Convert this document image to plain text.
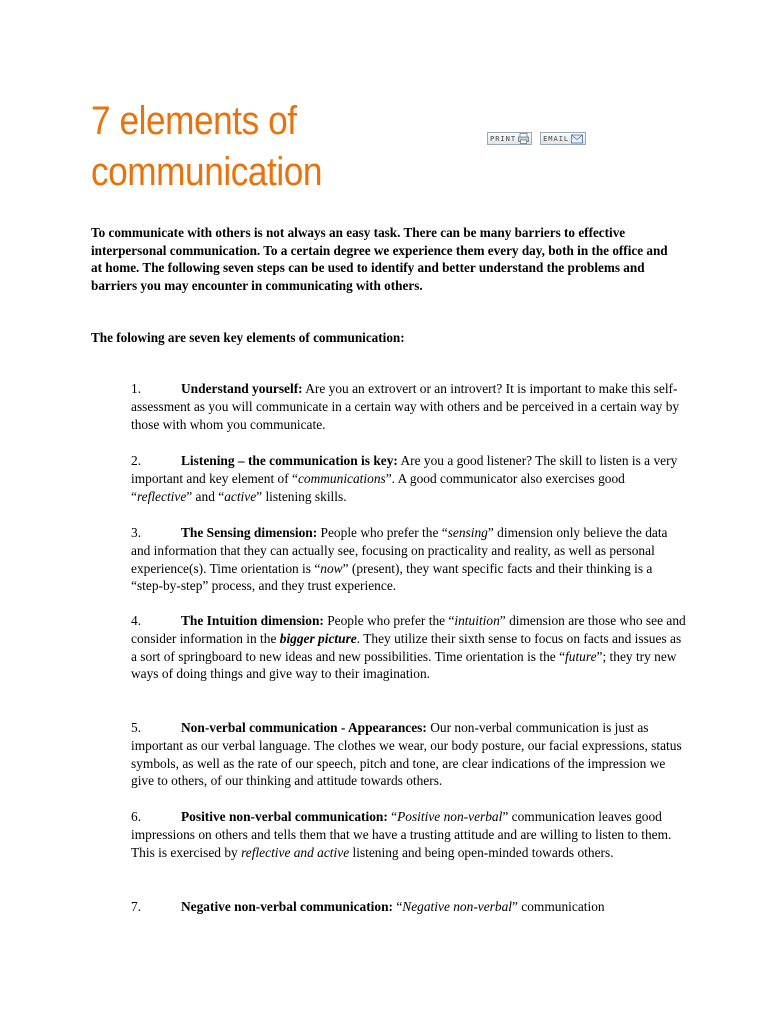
7 elements of
communication
PRINT	EMAIL

To communicate with others is not always an easy task. There can be many barriers to effective interpersonal communication. To a certain degree we experience them every day, both in the office and at home. The following seven steps can be used to identify and better understand the problems and barriers you may encounter in communicating with others.

The folowing are seven key elements of communication:

1.	Understand yourself: Are you an extrovert or an introvert? It is important to make this self-assessment as you will communicate in a certain way with others and be perceived in a certain way by those with whom you communicate.

2.	Listening – the communication is key: Are you a good listener? The skill to listen is a very important and key element of “communications”. A good communicator also exercises good “reflective” and “active” listening skills.

3.	The Sensing dimension: People who prefer the “sensing” dimension only believe the data and information that they can actually see, focusing on practicality and reality, as well as personal experience(s). Time orientation is “now” (present), they want specific facts and their thinking is a “step-by-step” process, and they trust experience.

4.	The Intuition dimension: People who prefer the “intuition” dimension are those who see and consider information in the bigger picture. They utilize their sixth sense to focus on facts and issues as a sort of springboard to new ideas and new possibilities. Time orientation is the “future”; they try new ways of doing things and give way to their imagination.

5.	Non-verbal communication - Appearances: Our non-verbal communication is just as important as our verbal language. The clothes we wear, our body posture, our facial expressions, status symbols, as well as the rate of our speech, pitch and tone, are clear indications of the impression we give to others, of our thinking and attitude towards others.

6.	Positive non-verbal communication: “Positive non-verbal” communication leaves good impressions on others and tells them that we have a trusting attitude and are willing to listen to them. This is exercised by reflective and active listening and being open-minded towards others.

7.	Negative non-verbal communication: “Negative non-verbal” communication
